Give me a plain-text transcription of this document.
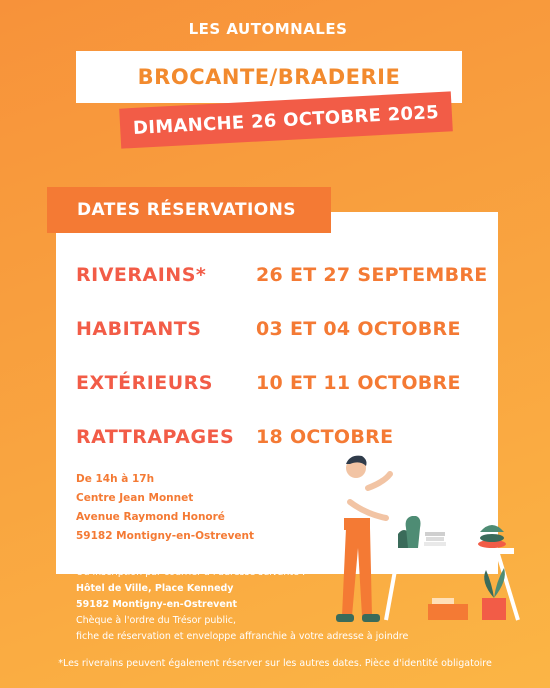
LES AUTOMNALES
BROCANTE/BRADERIE
DIMANCHE 26 OCTOBRE 2025
DATES RÉSERVATIONS
RIVERAINS*	26 ET 27 SEPTEMBRE
HABITANTS	03 ET 04 OCTOBRE
EXTÉRIEURS 10 ET 11 OCTOBRE
RATTRAPAGES 18 OCTOBRE
De 14h à 17h
Centre Jean Monnet
Avenue Raymond Honoré
59182 Montigny-en-Ostrevent
Ou inscription par courrier à l'adresse suivante :
Hôtel de Ville, Place Kennedy
59182 Montigny-en-Ostrevent
Chèque à l'ordre du Trésor public,
fiche de réservation et enveloppe affranchie à votre adresse à joindre
*Les riverains peuvent également réserver sur les autres dates. Pièce d'identité obligatoire
